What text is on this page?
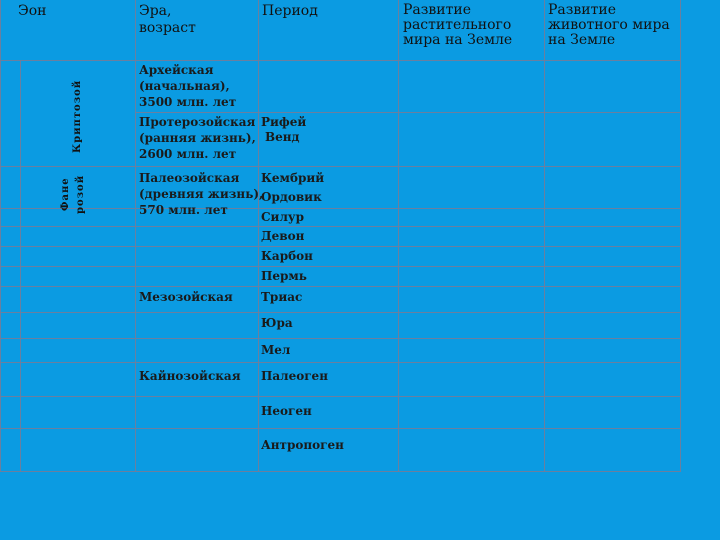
Эон	Эра,
возраст
Период	Развитие
растительного
мира на Земле
Развитие
животного мира
на Земле
Криптозой
Фане розой
Архейская
(начальная),
3500 млн. лет
Протерозойская
(ранняя жизнь),
2600 млн. лет
Палеозойская
(древняя жизнь),
570 млн. лет
Мезозойская
Кайнозойская
Рифей
Венд
Кембрий
Ордовик
Силур
Девон
Карбон
Пермь
Триас
Юра
Мел
Палеоген
Неоген
Антропоген
